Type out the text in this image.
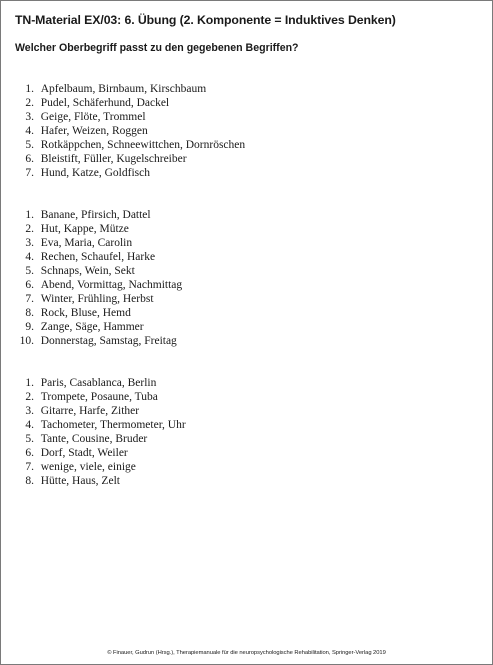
TN-Material EX/03: 6. Übung (2. Komponente = Induktives Denken)
Welcher Oberbegriff passt zu den gegebenen Begriffen?
1.
Apfelbaum, Birnbaum, Kirschbaum
2.
Pudel, Schäferhund, Dackel
3.
Geige, Flöte, Trommel
4.
Hafer, Weizen, Roggen
5.
Rotkäppchen, Schneewittchen, Dornröschen
6.
Bleistift, Füller, Kugelschreiber
7.
Hund, Katze, Goldfisch
1.
Banane, Pfirsich, Dattel
2.
Hut, Kappe, Mütze
3.
Eva, Maria, Carolin
4.
Rechen, Schaufel, Harke
5.
Schnaps, Wein, Sekt
6.
Abend, Vormittag, Nachmittag
7.
Winter, Frühling, Herbst
8.
Rock, Bluse, Hemd
9.
Zange, Säge, Hammer
10.
Donnerstag, Samstag, Freitag
1.
Paris, Casablanca, Berlin
2.
Trompete, Posaune, Tuba
3.
Gitarre, Harfe, Zither
4.
Tachometer, Thermometer, Uhr
5.
Tante, Cousine, Bruder
6.
Dorf, Stadt, Weiler
7.
wenige, viele, einige
8.
Hütte, Haus, Zelt
© Finauer, Gudrun (Hrsg.), Therapiemanuale für die neuropsychologische Rehabilitation, Springer-Verlag 2019
